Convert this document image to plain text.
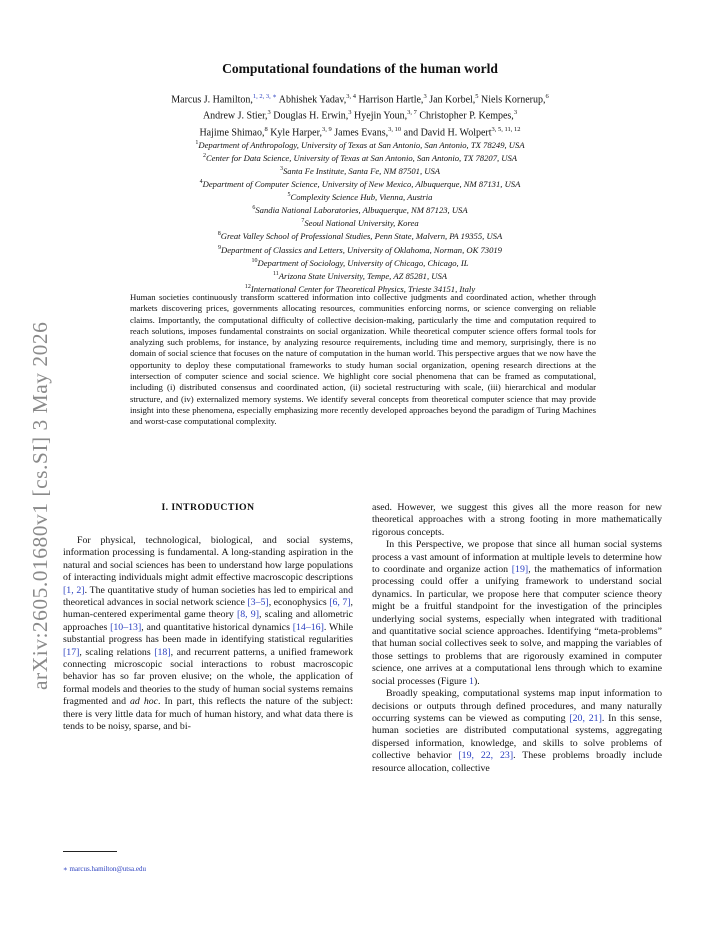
arXiv:2605.01680v1 [cs.SI] 3 May 2026
Computational foundations of the human world
Marcus J. Hamilton,$^{1, 2, 3, ∗}$ Abhishek Yadav,$^{3, 4}$ Harrison Hartle,$^3$ Jan Korbel,$^5$ Niels Kornerup,$^6$
Andrew J. Stier,$^3$ Douglas H. Erwin,$^3$ Hyejin Youn,$^{3, 7}$ Christopher P. Kempes,$^3$
Hajime Shimao,$^8$ Kyle Harper,$^{3, 9}$ James Evans,$^{3, 10}$ and David H. Wolpert$^{3, 5, 11, 12}$
$^1$Department of Anthropology, University of Texas at San Antonio, San Antonio, TX 78249, USA
$^2$Center for Data Science, University of Texas at San Antonio, San Antonio, TX 78207, USA
$^3$Santa Fe Institute, Santa Fe, NM 87501, USA
$^4$Department of Computer Science, University of New Mexico, Albuquerque, NM 87131, USA
$^5$Complexity Science Hub, Vienna, Austria
$^6$Sandia National Laboratories, Albuquerque, NM 87123, USA
$^7$Seoul National University, Korea
$^8$Great Valley School of Professional Studies, Penn State, Malvern, PA 19355, USA
$^9$Department of Classics and Letters, University of Oklahoma, Norman, OK 73019
$^{10}$Department of Sociology, University of Chicago, Chicago, IL
$^{11}$Arizona State University, Tempe, AZ 85281, USA
$^{12}$International Center for Theoretical Physics, Trieste 34151, Italy
Human societies continuously transform scattered information into collective judgments and coordinated action, whether through markets discovering prices, governments allocating resources, communities enforcing norms, or science converging on reliable claims. Importantly, the computational difficulty of collective decision-making, particularly the time and computation required to reach solutions, imposes fundamental constraints on social organization. While theoretical computer science offers formal tools for analyzing such problems, for instance, by analyzing resource requirements, including time and memory, surprisingly, there is no domain of social science that focuses on the nature of computation in the human world. This perspective argues that we now have the opportunity to deploy these computational frameworks to study human social organization, opening research directions at the intersection of computer science and social science. We highlight core social phenomena that can be framed as computational, including (i) distributed consensus and coordinated action, (ii) societal restructuring with scale, (iii) hierarchical and modular structure, and (iv) externalized memory systems. We identify several concepts from theoretical computer science that may provide insight into these phenomena, especially emphasizing more recently developed approaches beyond the paradigm of Turing Machines and worst-case computational complexity.
I. INTRODUCTION

For physical, technological, biological, and social systems, information processing is fundamental. A long-standing aspiration in the natural and social sciences has been to understand how large populations of interacting individuals might admit effective macroscopic descriptions [1, 2]. The quantitative study of human societies has led to empirical and theoretical advances in social network science [3–5], econophysics [6, 7], human-centered experimental game theory [8, 9], scaling and allometric approaches [10–13], and quantitative historical dynamics [14–16]. While substantial progress has been made in identifying statistical regularities [17], scaling relations [18], and recurrent patterns, a unified framework connecting microscopic social interactions to robust macroscopic behavior has so far proven elusive; on the whole, the application of formal models and theories to the study of human social systems remains fragmented and ad hoc. In part, this reflects the nature of the subject: there is very little data for much of human history, and what data there is tends to be noisy, sparse, and bi-

ased. However, we suggest this gives all the more reason for new theoretical approaches with a strong footing in more mathematically rigorous concepts.

In this Perspective, we propose that since all human social systems process a vast amount of information at multiple levels to determine how to coordinate and organize action [19], the mathematics of information processing could offer a unifying framework to understand social dynamics. In particular, we propose here that computer science theory might be a fruitful standpoint for the investigation of the principles underlying social systems, especially when integrated with traditional and quantitative social science approaches. Identifying “meta-problems” that human social collectives seek to solve, and mapping the variables of those settings to problems that are rigorously examined in computer science, one arrives at a computational lens through which to examine social processes (Figure 1).

Broadly speaking, computational systems map input information to decisions or outputs through defined procedures, and many naturally occurring systems can be viewed as computing [20, 21]. In this sense, human societies are distributed computational systems, aggregating dispersed information, knowledge, and skills to solve problems of collective behavior [19, 22, 23]. These problems broadly include resource allocation, collective

∗ marcus.hamilton@utsa.edu
